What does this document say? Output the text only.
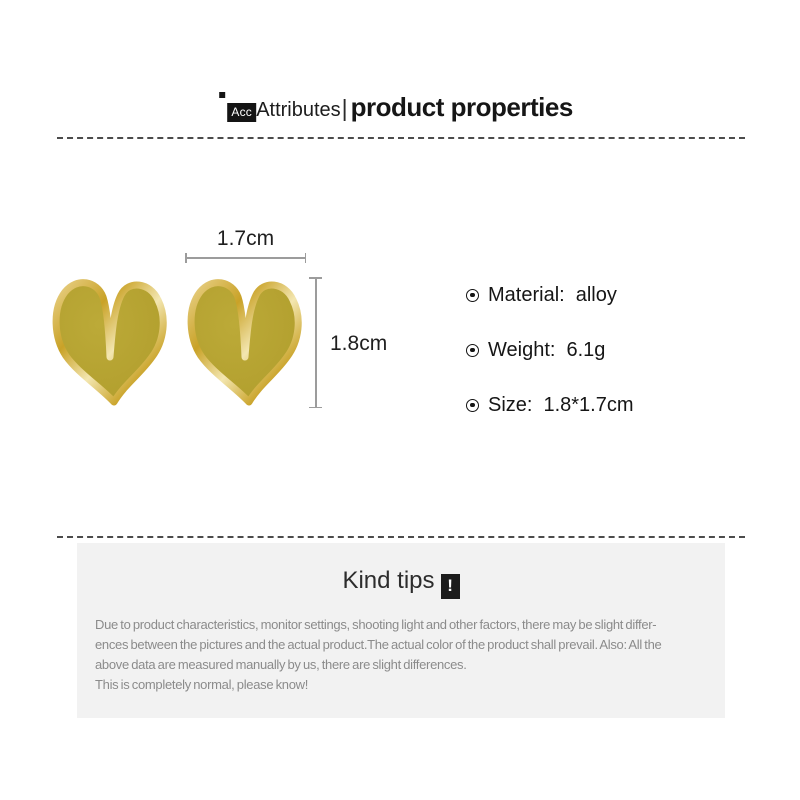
Acc Attributes | product properties
1.7cm
1.8cm
Material: alloy
Weight: 6.1g
Size: 1.8*1.7cm
Kind tips !
Due to product characteristics, monitor settings, shooting light and other factors, there may be slight differ-
ences between the pictures and the actual product.The actual color of the product shall prevail. Also: All the
above data are measured manually by us, there are slight differences.
This is completely normal, please know!
